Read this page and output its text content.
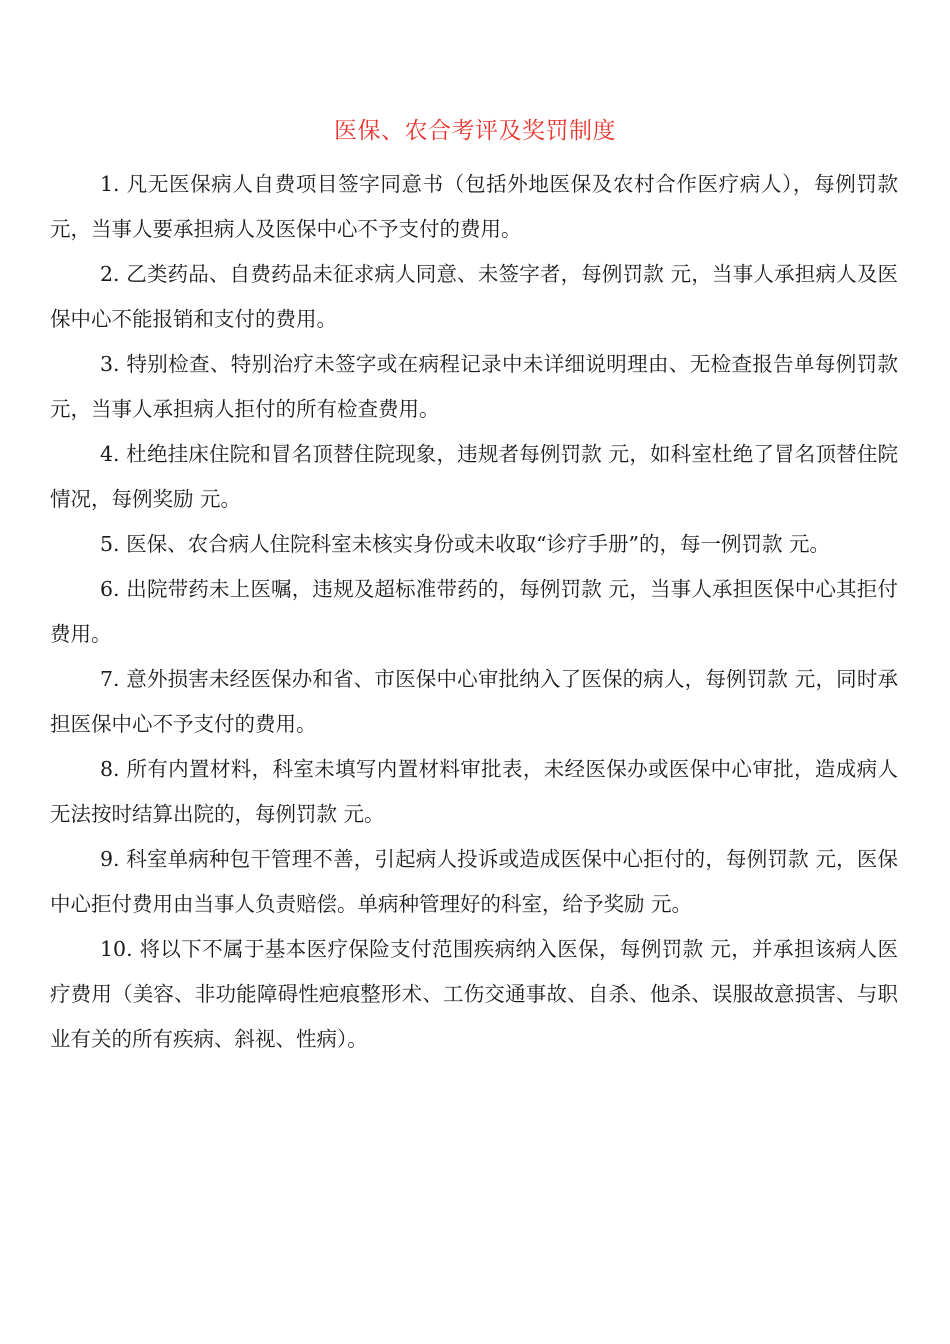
医保、农合考评及奖罚制度

1. 凡无医保病人自费项目签字同意书（包括外地医保及农村合作医疗病人），每例罚款 元，当事人要承担病人及医保中心不予支付的费用。

2. 乙类药品、自费药品未征求病人同意、未签字者，每例罚款 元，当事人承担病人及医保中心不能报销和支付的费用。

3. 特别检查、特别治疗未签字或在病程记录中未详细说明理由、无检查报告单每例罚款 元，当事人承担病人拒付的所有检查费用。

4. 杜绝挂床住院和冒名顶替住院现象，违规者每例罚款 元，如科室杜绝了冒名顶替住院情况，每例奖励 元。

5. 医保、农合病人住院科室未核实身份或未收取“诊疗手册”的，每一例罚款 元。

6. 出院带药未上医嘱，违规及超标准带药的，每例罚款 元，当事人承担医保中心其拒付费用。

7. 意外损害未经医保办和省、市医保中心审批纳入了医保的病人，每例罚款 元，同时承担医保中心不予支付的费用。

8. 所有内置材料，科室未填写内置材料审批表，未经医保办或医保中心审批，造成病人无法按时结算出院的，每例罚款 元。

9. 科室单病种包干管理不善，引起病人投诉或造成医保中心拒付的，每例罚款 元，医保中心拒付费用由当事人负责赔偿。单病种管理好的科室，给予奖励 元。

10. 将以下不属于基本医疗保险支付范围疾病纳入医保，每例罚款 元，并承担该病人医疗费用（美容、非功能障碍性疤痕整形术、工伤交通事故、自杀、他杀、误服故意损害、与职业有关的所有疾病、斜视、性病）。
